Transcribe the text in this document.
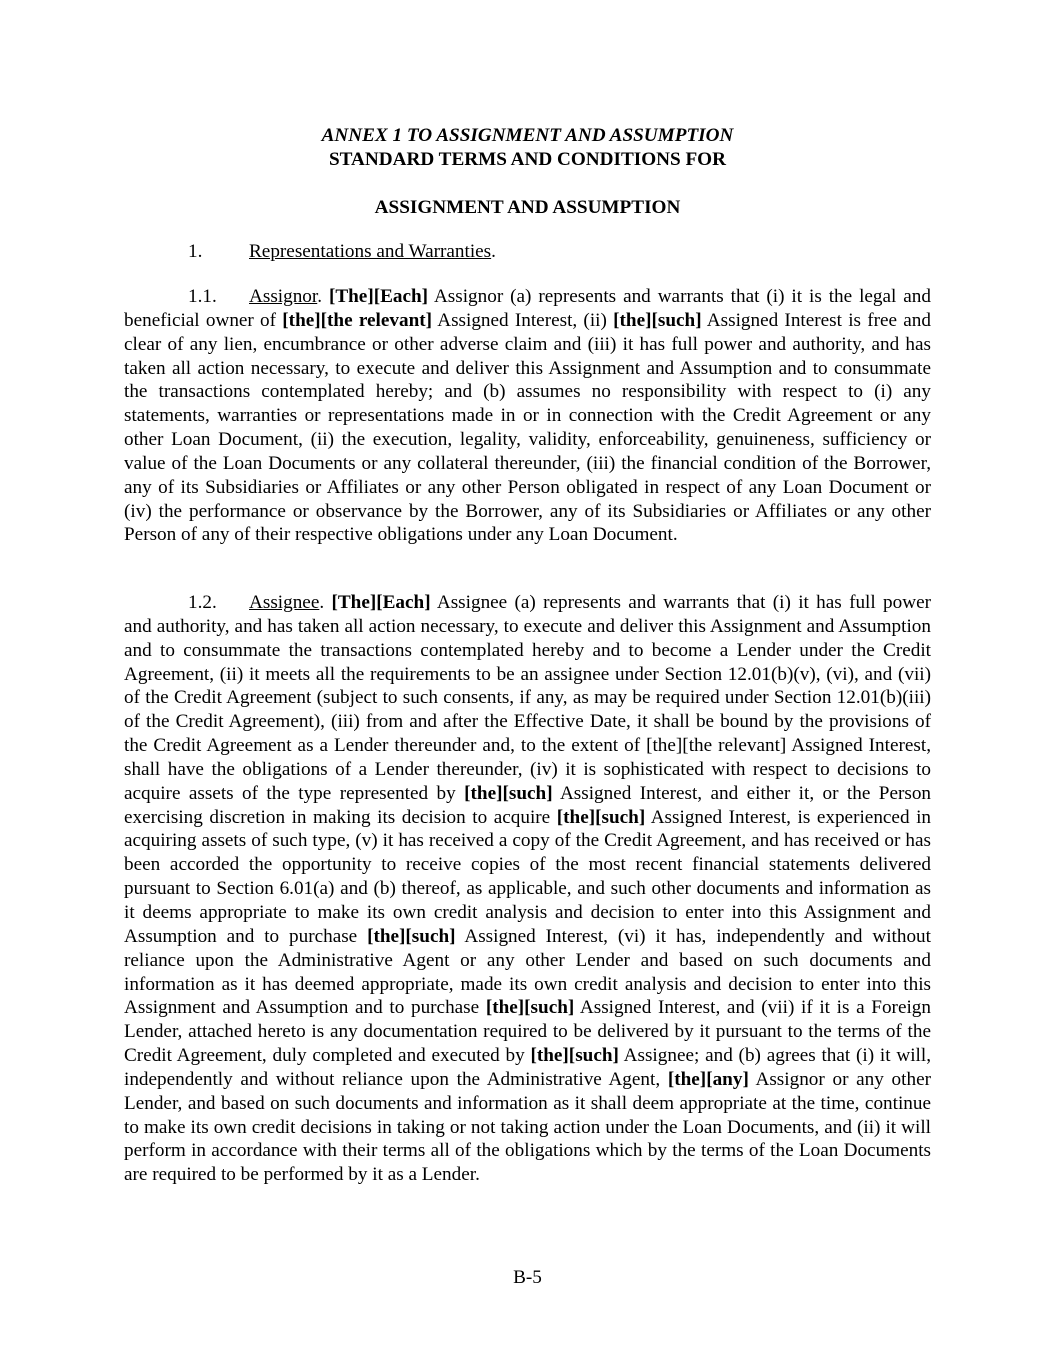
ANNEX 1 TO ASSIGNMENT AND ASSUMPTION
STANDARD TERMS AND CONDITIONS FOR
ASSIGNMENT AND ASSUMPTION
1. Representations and Warranties.
1.1. Assignor. [The][Each] Assignor (a) represents and warrants that (i) it is the legal and beneficial owner of [the][the relevant] Assigned Interest, (ii) [the][such] Assigned Interest is free and clear of any lien, encumbrance or other adverse claim and (iii) it has full power and authority, and has taken all action necessary, to execute and deliver this Assignment and Assumption and to consummate the transactions contemplated hereby; and (b) assumes no responsibility with respect to (i) any statements, warranties or representations made in or in connection with the Credit Agreement or any other Loan Document, (ii) the execution, legality, validity, enforceability, genuineness, sufficiency or value of the Loan Documents or any collateral thereunder, (iii) the financial condition of the Borrower, any of its Subsidiaries or Affiliates or any other Person obligated in respect of any Loan Document or (iv) the performance or observance by the Borrower, any of its Subsidiaries or Affiliates or any other Person of any of their respective obligations under any Loan Document.
1.2. Assignee. [The][Each] Assignee (a) represents and warrants that (i) it has full power and authority, and has taken all action necessary, to execute and deliver this Assignment and Assumption and to consummate the transactions contemplated hereby and to become a Lender under the Credit Agreement, (ii) it meets all the requirements to be an assignee under Section 12.01(b)(v), (vi), and (vii) of the Credit Agreement (subject to such consents, if any, as may be required under Section 12.01(b)(iii) of the Credit Agreement), (iii) from and after the Effective Date, it shall be bound by the provisions of the Credit Agreement as a Lender thereunder and, to the extent of [the][the relevant] Assigned Interest, shall have the obligations of a Lender thereunder, (iv) it is sophisticated with respect to decisions to acquire assets of the type represented by [the][such] Assigned Interest, and either it, or the Person exercising discretion in making its decision to acquire [the][such] Assigned Interest, is experienced in acquiring assets of such type, (v) it has received a copy of the Credit Agreement, and has received or has been accorded the opportunity to receive copies of the most recent financial statements delivered pursuant to Section 6.01(a) and (b) thereof, as applicable, and such other documents and information as it deems appropriate to make its own credit analysis and decision to enter into this Assignment and Assumption and to purchase [the][such] Assigned Interest, (vi) it has, independently and without reliance upon the Administrative Agent or any other Lender and based on such documents and information as it has deemed appropriate, made its own credit analysis and decision to enter into this Assignment and Assumption and to purchase [the][such] Assigned Interest, and (vii) if it is a Foreign Lender, attached hereto is any documentation required to be delivered by it pursuant to the terms of the Credit Agreement, duly completed and executed by [the][such] Assignee; and (b) agrees that (i) it will, independently and without reliance upon the Administrative Agent, [the][any] Assignor or any other Lender, and based on such documents and information as it shall deem appropriate at the time, continue to make its own credit decisions in taking or not taking action under the Loan Documents, and (ii) it will perform in accordance with their terms all of the obligations which by the terms of the Loan Documents are required to be performed by it as a Lender.
B-5
